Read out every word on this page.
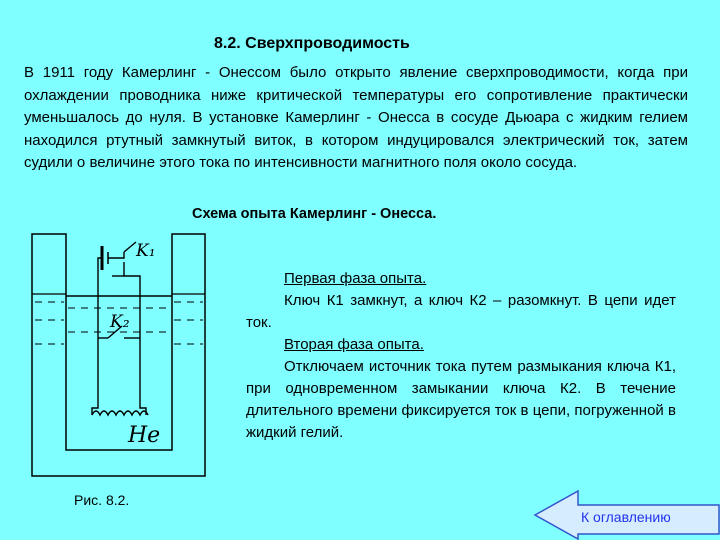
8.2. Сверхпроводимость

В 1911 году Камерлинг - Онессом было открыто явление сверхпроводимости, когда при охлаждении проводника ниже критической температуры его сопротивление практически уменьшалось до нуля. В установке Камерлинг - Онесса в сосуде Дьюара с жидким гелием находился ртутный замкнутый виток, в котором индуцировался электрический ток, затем судили о величине этого тока по интенсивности магнитного поля около сосуда.

Схема опыта Камерлинг - Онесса.

K₁
K₂
He

Рис. 8.2.

Первая фаза опыта.

Ключ К1 замкнут, а ключ К2 – разомкнут. В цепи идет ток.

Вторая фаза опыта.

Отключаем источник тока путем размыкания ключа К1, при одновременном замыкании ключа К2. В течение длительного времени фиксируется ток в цепи, погруженной в жидкий гелий.

К оглавлению
